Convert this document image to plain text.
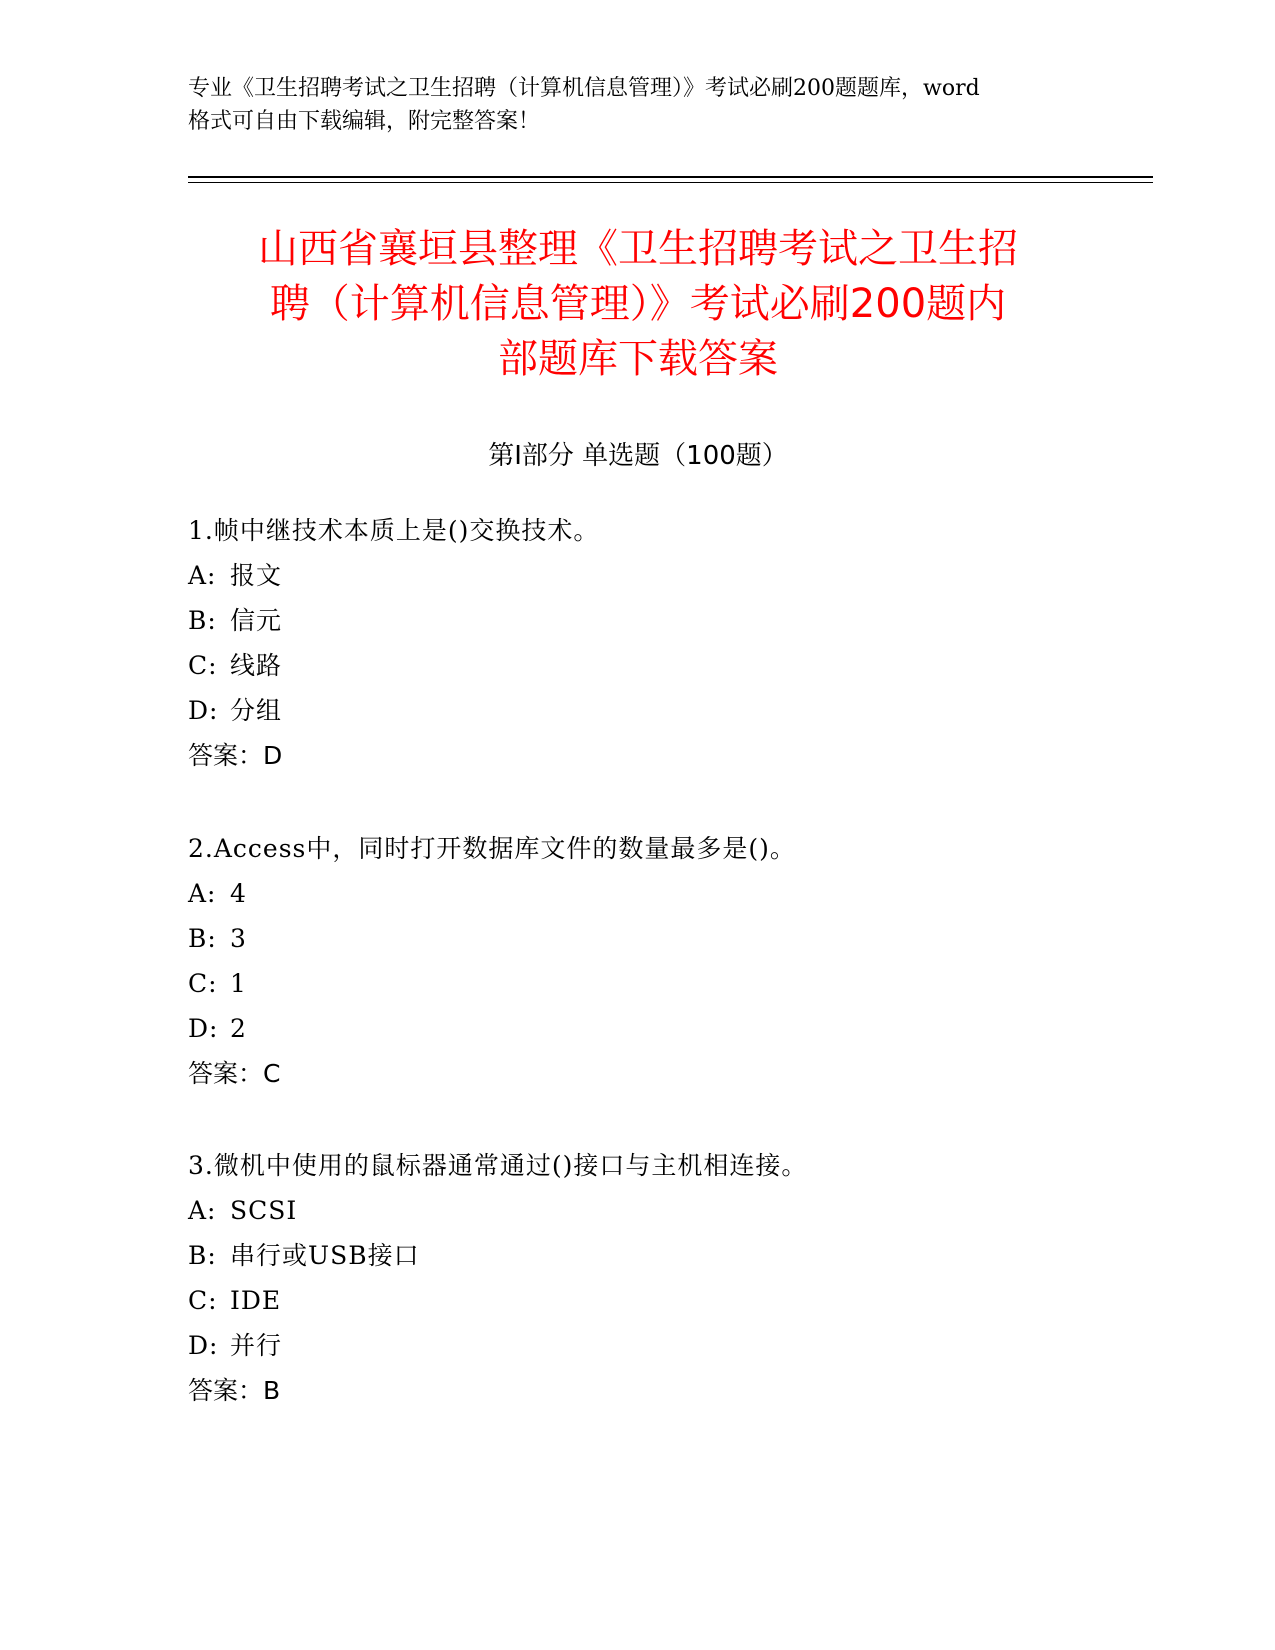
专业《卫生招聘考试之卫生招聘（计算机信息管理）》考试必刷200题题库，word
格式可自由下载编辑，附完整答案！
山西省襄垣县整理《卫生招聘考试之卫生招
聘（计算机信息管理）》考试必刷200题内
部题库下载答案
第I部分 单选题（100题）
1.帧中继技术本质上是()交换技术。
A: 报文
B: 信元
C: 线路
D: 分组
答案：D
2.Access中，同时打开数据库文件的数量最多是()。
A: 4
B: 3
C: 1
D: 2
答案：C
3.微机中使用的鼠标器通常通过()接口与主机相连接。
A: SCSI
B: 串行或USB接口
C: IDE
D: 并行
答案：B
